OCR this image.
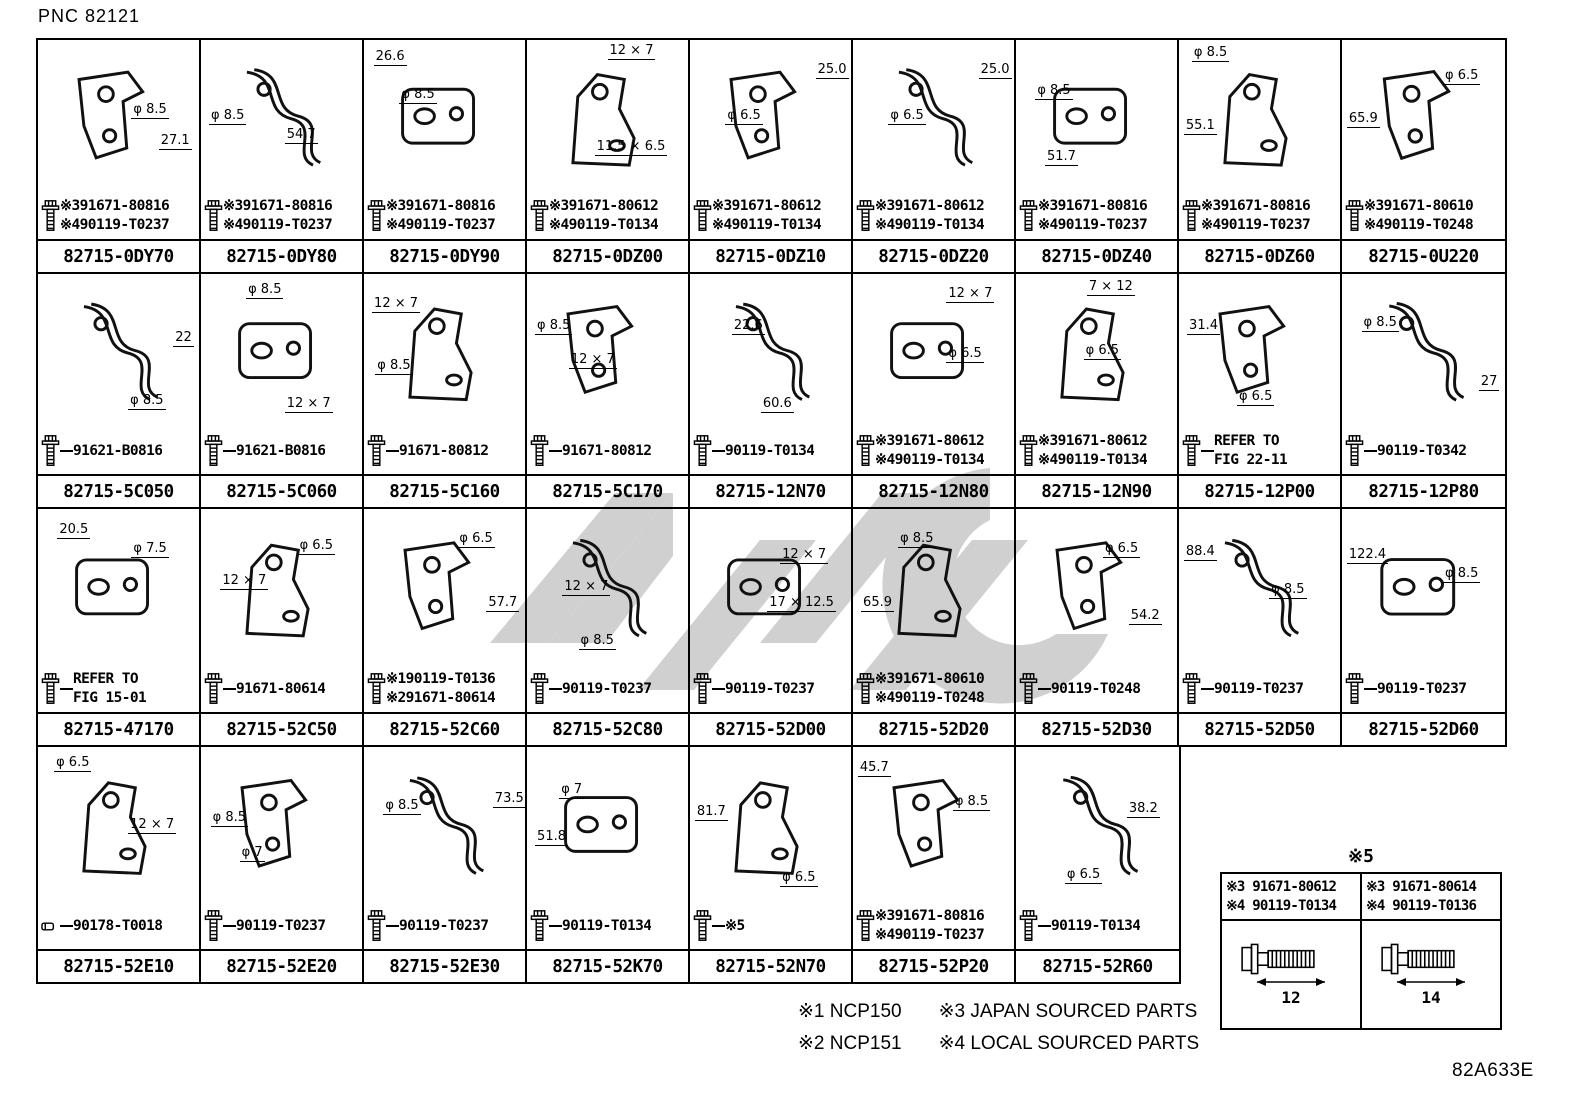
PNC 82121
φ 8.5
27.1
※391671-80816
※490119-T0237
82715-0DY70
φ 8.5
54.7
※391671-80816
※490119-T0237
82715-0DY80
26.6
φ 8.5
※391671-80816
※490119-T0237
82715-0DY90
12 × 7
11.5 × 6.5
※391671-80612
※490119-T0134
82715-0DZ00
25.0
φ 6.5
※391671-80612
※490119-T0134
82715-0DZ10
25.0
φ 6.5
※391671-80612
※490119-T0134
82715-0DZ20
φ 8.5
51.7
※391671-80816
※490119-T0237
82715-0DZ40
φ 8.5
55.1
※391671-80816
※490119-T0237
82715-0DZ60
φ 6.5
65.9
※391671-80610
※490119-T0248
82715-0U220
22
φ 8.5
91621-B0816
82715-5C050
φ 8.5
12 × 7
91621-B0816
82715-5C060
12 × 7
φ 8.5
91671-80812
82715-5C160
φ 8.5
12 × 7
91671-80812
82715-5C170
22.6
60.6
90119-T0134
82715-12N70
12 × 7
φ 6.5
※391671-80612
※490119-T0134
82715-12N80
7 × 12
φ 6.5
※391671-80612
※490119-T0134
82715-12N90
31.4
φ 6.5
REFER TO
FIG 22-11
82715-12P00
φ 8.5
27
90119-T0342
82715-12P80
20.5
φ 7.5
REFER TO
FIG 15-01
82715-47170
φ 6.5
12 × 7
91671-80614
82715-52C50
φ 6.5
57.7
※190119-T0136
※291671-80614
82715-52C60
12 × 7
φ 8.5
90119-T0237
82715-52C80
12 × 7
17 × 12.5
90119-T0237
82715-52D00
φ 8.5
65.9
※391671-80610
※490119-T0248
82715-52D20
φ 6.5
54.2
90119-T0248
82715-52D30
88.4
φ 8.5
90119-T0237
82715-52D50
122.4
φ 8.5
90119-T0237
82715-52D60
φ 6.5
12 × 7
90178-T0018
82715-52E10
φ 8.5
φ 7
90119-T0237
82715-52E20
φ 8.5	73.5
90119-T0237
82715-52E30
φ 7
51.8
90119-T0134
82715-52K70
81.7
φ 6.5
※5
82715-52N70
45.7
φ 8.5
※391671-80816
※490119-T0237
82715-52P20
38.2
φ 6.5
90119-T0134
82715-52R60
※5
※3 91671-80612
※4 90119-T0134
12
※3 91671-80614
※4 90119-T0136
14
※1 NCP150 ※3 JAPAN SOURCED PARTS
※2 NCP151 ※4 LOCAL SOURCED PARTS
82A633E
